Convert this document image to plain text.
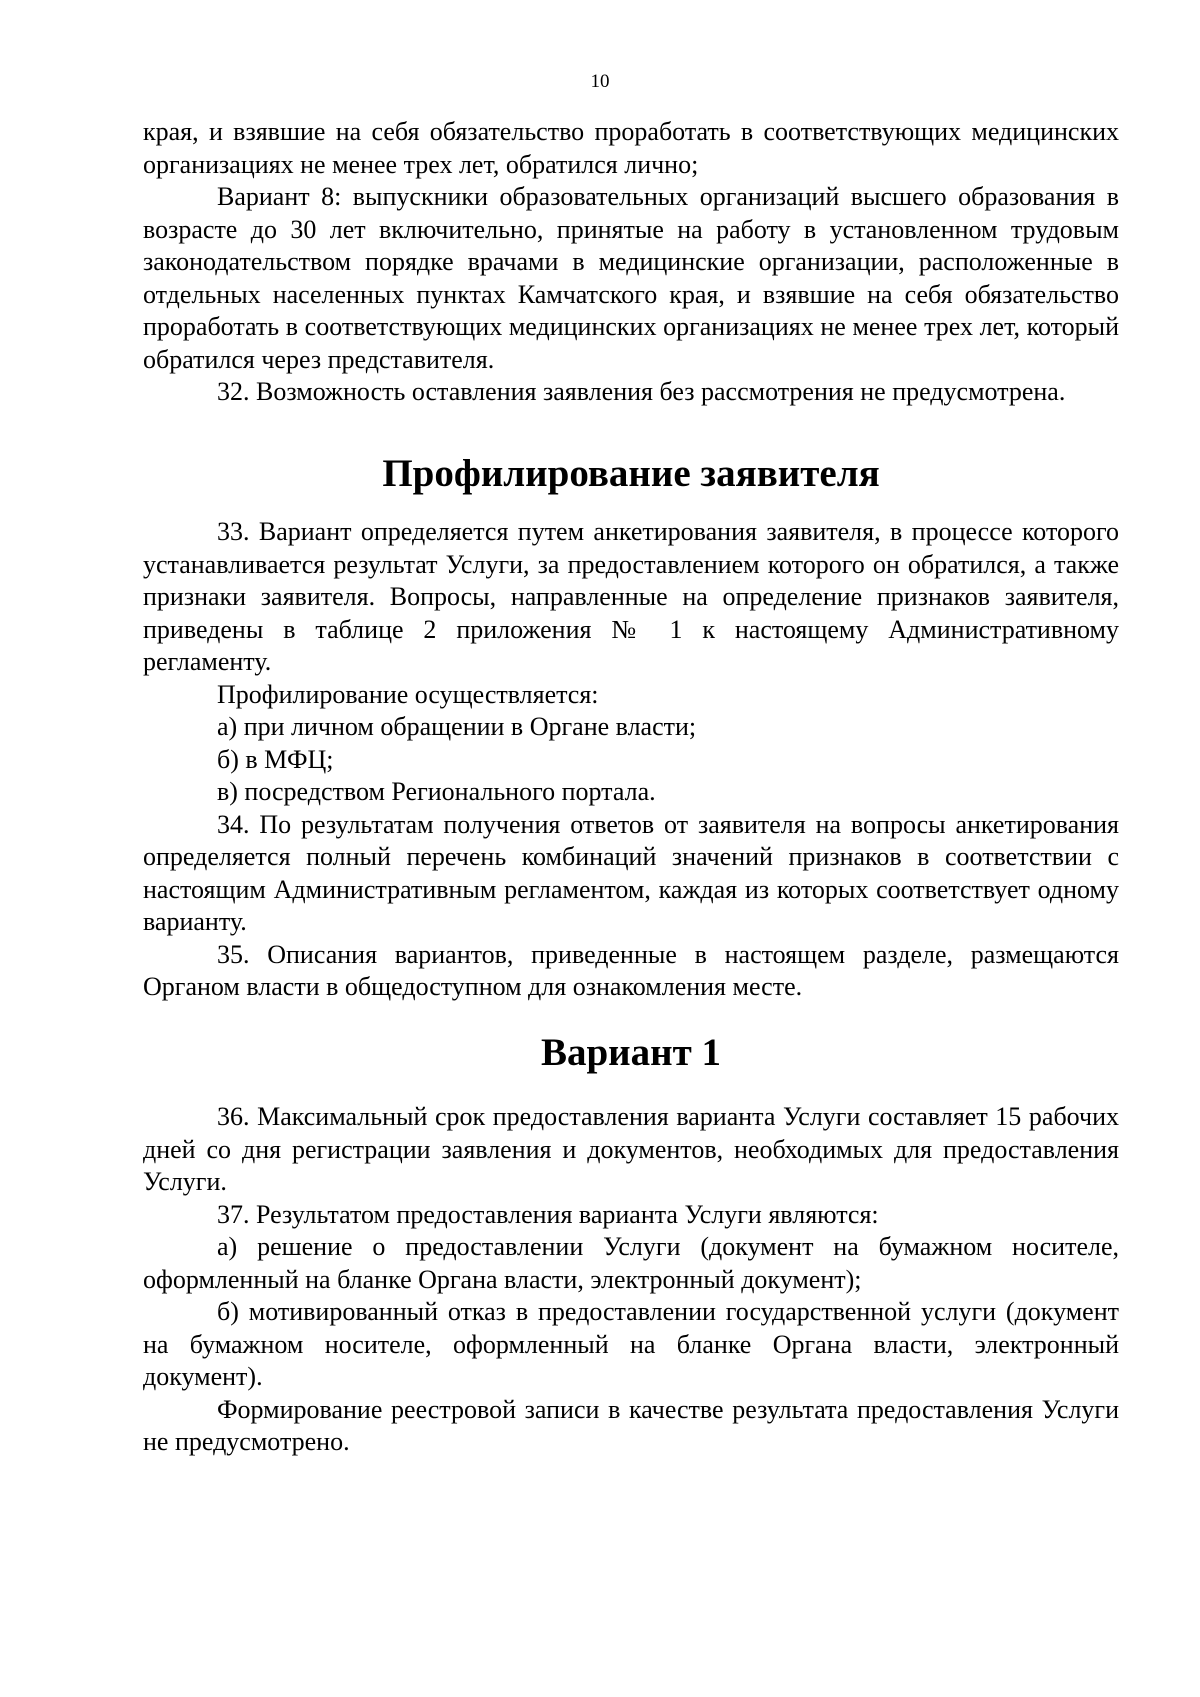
10

края, и взявшие на себя обязательство проработать в соответствующих медицинских организациях не менее трех лет, обратился лично;

Вариант 8: выпускники образовательных организаций высшего образования в возрасте до 30 лет включительно, принятые на работу в установленном трудовым законодательством порядке врачами в медицинские организации, расположенные в отдельных населенных пунктах Камчатского края, и взявшие на себя обязательство проработать в соответствующих медицинских организациях не менее трех лет, который обратился через представителя.

32. Возможность оставления заявления без рассмотрения не предусмотрена.

Профилирование заявителя

33. Вариант определяется путем анкетирования заявителя, в процессе которого устанавливается результат Услуги, за предоставлением которого он обратился, а также признаки заявителя. Вопросы, направленные на определение признаков заявителя, приведены в таблице 2 приложения № 1 к настоящему Административному регламенту.

Профилирование осуществляется:

а) при личном обращении в Органе власти;

б) в МФЦ;

в) посредством Регионального портала.

34. По результатам получения ответов от заявителя на вопросы анкетирования определяется полный перечень комбинаций значений признаков в соответствии с настоящим Административным регламентом, каждая из которых соответствует одному варианту.

35. Описания вариантов, приведенные в настоящем разделе, размещаются Органом власти в общедоступном для ознакомления месте.

Вариант 1

36. Максимальный срок предоставления варианта Услуги составляет 15 рабочих дней со дня регистрации заявления и документов, необходимых для предоставления Услуги.

37. Результатом предоставления варианта Услуги являются:

а) решение о предоставлении Услуги (документ на бумажном носителе, оформленный на бланке Органа власти, электронный документ);

б) мотивированный отказ в предоставлении государственной услуги (документ на бумажном носителе, оформленный на бланке Органа власти, электронный документ).

Формирование реестровой записи в качестве результата предоставления Услуги не предусмотрено.
